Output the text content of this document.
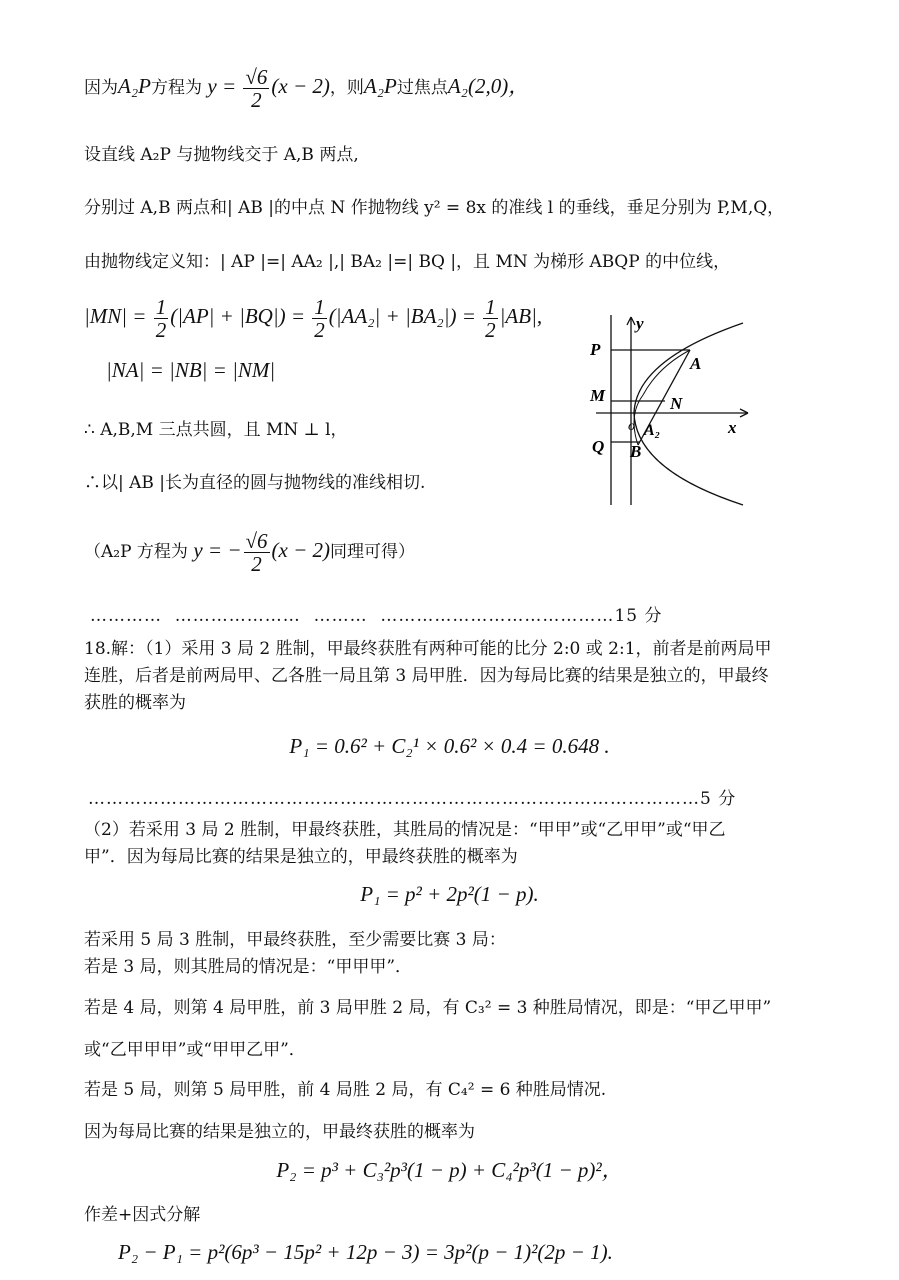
因为A₂P方程为 $y = \frac{√6}{2} (x - 2)$，则A₂P过焦点A₂(2,0)，
设直线 A₂P 与抛物线交于 A,B 两点,
分别过 A,B 两点和| AB |的中点 N 作抛物线 y² = 8x 的准线 l 的垂线，垂足分别为 P,M,Q，
由抛物线定义知：| AP |=| AA₂ |,| BA₂ |=| BQ |，且 MN 为梯形 ABQP 的中位线，
$|MN| = \frac{1}{2} (|AP| + |BQ|) = \frac{1}{2} (|AA_2| + |BA_2|) = \frac{1}{2} |AB|$,
|NA| = |NB| = |NM|
∴ A,B,M 三点共圆，且 MN ⊥ l，
∴以| AB |长为直径的圆与抛物线的准线相切.
（A₂P 方程为 y = − $\frac{√6}{2} (x - 2)$同理可得）
…………  …………………  ………  …………………………………15 分
y
x
P
A
M	N
Q
o A₂
B
18.解：（1）采用 3 局 2 胜制，甲最终获胜有两种可能的比分 2:0 或 2:1，前者是前两局甲
连胜，后者是前两局甲、乙各胜一局且第 3 局甲胜．因为每局比赛的结果是独立的，甲最终
获胜的概率为
P₁ = 0.6² + C₂¹ × 0.6² × 0.4 = 0.648 .
…………………………………………………………………………………………5 分
（2）若采用 3 局 2 胜制，甲最终获胜，其胜局的情况是：“甲甲”或“乙甲甲”或“甲乙
甲”．因为每局比赛的结果是独立的，甲最终获胜的概率为
P₁ = p² + 2p²(1 − p).
若采用 5 局 3 胜制，甲最终获胜，至少需要比赛 3 局：
若是 3 局，则其胜局的情况是：“甲甲甲”．
若是 4 局，则第 4 局甲胜，前 3 局甲胜 2 局，有 C₃² = 3 种胜局情况，即是：“甲乙甲甲”
或“乙甲甲甲”或“甲甲乙甲”．
若是 5 局，则第 5 局甲胜，前 4 局胜 2 局，有 C₄² = 6 种胜局情况.
因为每局比赛的结果是独立的，甲最终获胜的概率为
P₂ = p³ + C₃²p³(1 − p) + C₄²p³(1 − p)²，
作差+因式分解
P₂ − P₁ = p²(6p³ − 15p² + 12p − 3) = 3p²(p − 1)²(2p − 1).
